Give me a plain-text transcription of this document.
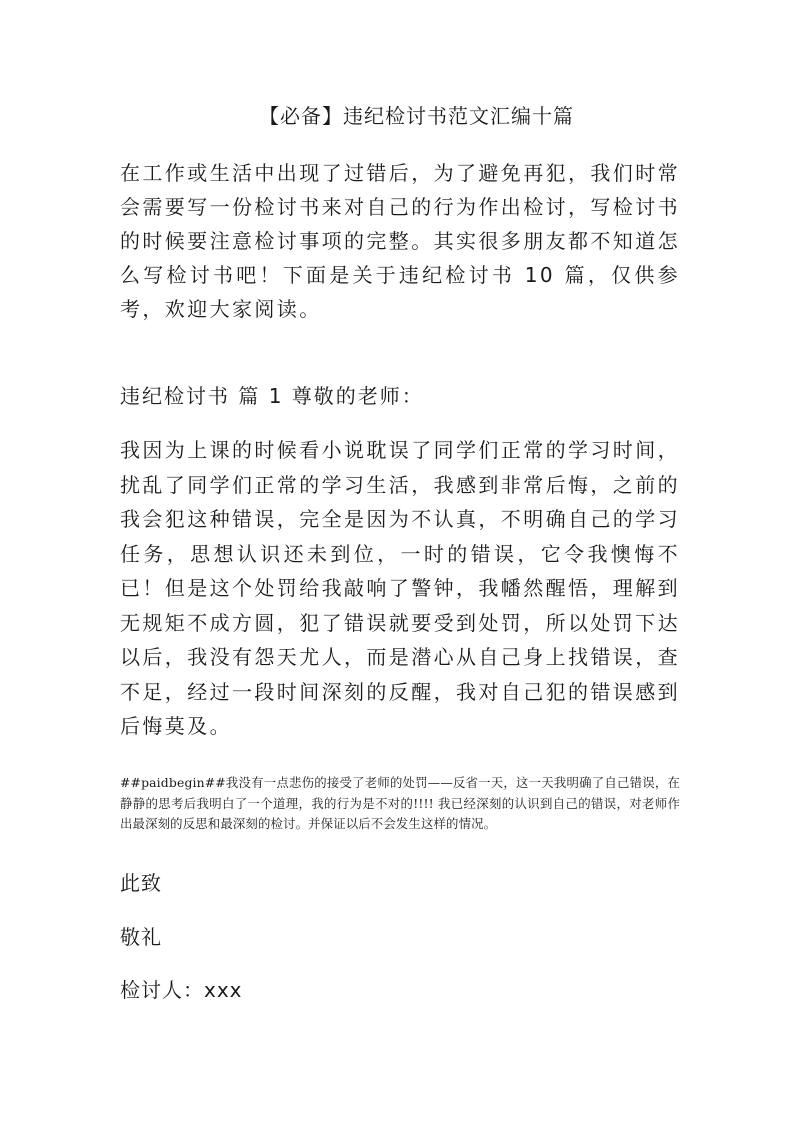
【必备】违纪检讨书范文汇编十篇

在工作或生活中出现了过错后，为了避免再犯，我们时常会需要写一份检讨书来对自己的行为作出检讨，写检讨书的时候要注意检讨事项的完整。其实很多朋友都不知道怎么写检讨书吧！下面是关于违纪检讨书 10 篇，仅供参考，欢迎大家阅读。

违纪检讨书 篇 1 尊敬的老师：

我因为上课的时候看小说耽误了同学们正常的学习时间，扰乱了同学们正常的学习生活，我感到非常后悔，之前的我会犯这种错误，完全是因为不认真，不明确自己的学习任务，思想认识还未到位，一时的错误，它令我懊悔不已！但是这个处罚给我敲响了警钟，我幡然醒悟，理解到无规矩不成方圆，犯了错误就要受到处罚，所以处罚下达以后，我没有怨天尤人，而是潜心从自己身上找错误，查不足，经过一段时间深刻的反醒，我对自己犯的错误感到后悔莫及。

##paidbegin##我没有一点悲伤的接受了老师的处罚——反省一天，这一天我明确了自己错误，在静静的思考后我明白了一个道理，我的行为是不对的!!!! 我已经深刻的认识到自己的错误，对老师作出最深刻的反思和最深刻的检讨。并保证以后不会发生这样的情况。

此致

敬礼

检讨人：xxx
